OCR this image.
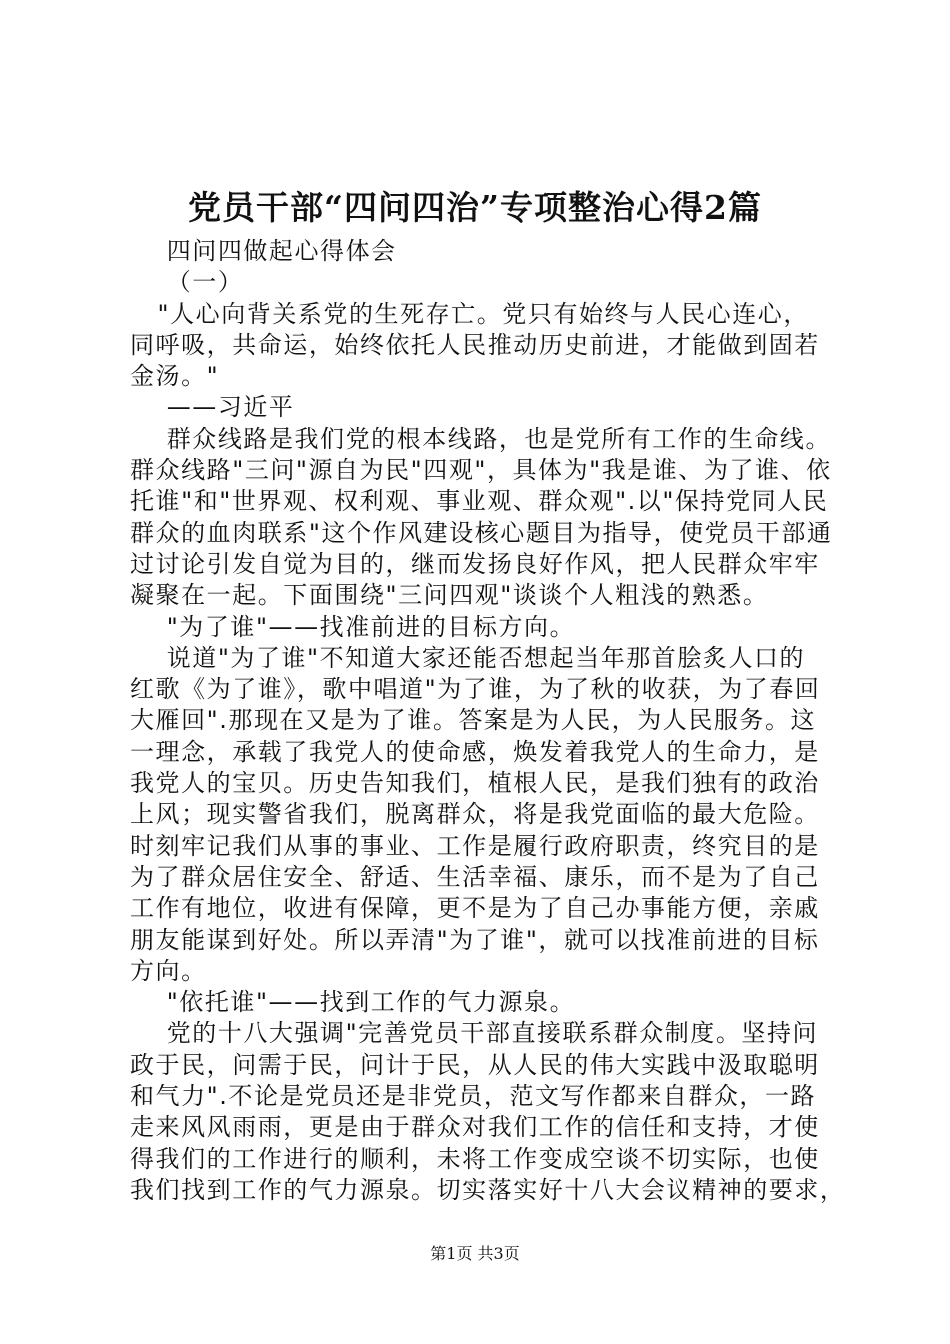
党员干部“四问四治”专项整治心得2篇
四问四做起心得体会
（一）
"人心向背关系党的生死存亡。党只有始终与人民心连心，
同呼吸，共命运，始终依托人民推动历史前进，才能做到固若
金汤。"
——习近平
群众线路是我们党的根本线路，也是党所有工作的生命线。
群众线路"三问"源自为民"四观"，具体为"我是谁、为了谁、依
托谁"和"世界观、权利观、事业观、群众观".以"保持党同人民
群众的血肉联系"这个作风建设核心题目为指导，使党员干部通
过讨论引发自觉为目的，继而发扬良好作风，把人民群众牢牢
凝聚在一起。下面围绕"三问四观"谈谈个人粗浅的熟悉。
"为了谁"——找准前进的目标方向。
说道"为了谁"不知道大家还能否想起当年那首脍炙人口的
红歌《为了谁》，歌中唱道"为了谁，为了秋的收获，为了春回
大雁回".那现在又是为了谁。答案是为人民，为人民服务。这
一理念，承载了我党人的使命感，焕发着我党人的生命力，是
我党人的宝贝。历史告知我们，植根人民，是我们独有的政治
上风；现实警省我们，脱离群众，将是我党面临的最大危险。
时刻牢记我们从事的事业、工作是履行政府职责，终究目的是
为了群众居住安全、舒适、生活幸福、康乐，而不是为了自己
工作有地位，收进有保障，更不是为了自己办事能方便，亲戚
朋友能谋到好处。所以弄清"为了谁"，就可以找准前进的目标
方向。
"依托谁"——找到工作的气力源泉。
党的十八大强调"完善党员干部直接联系群众制度。坚持问
政于民，问需于民，问计于民，从人民的伟大实践中汲取聪明
和气力".不论是党员还是非党员，范文写作都来自群众，一路
走来风风雨雨，更是由于群众对我们工作的信任和支持，才使
得我们的工作进行的顺利，未将工作变成空谈不切实际，也使
我们找到工作的气力源泉。切实落实好十八大会议精神的要求，
第1页 共3页
